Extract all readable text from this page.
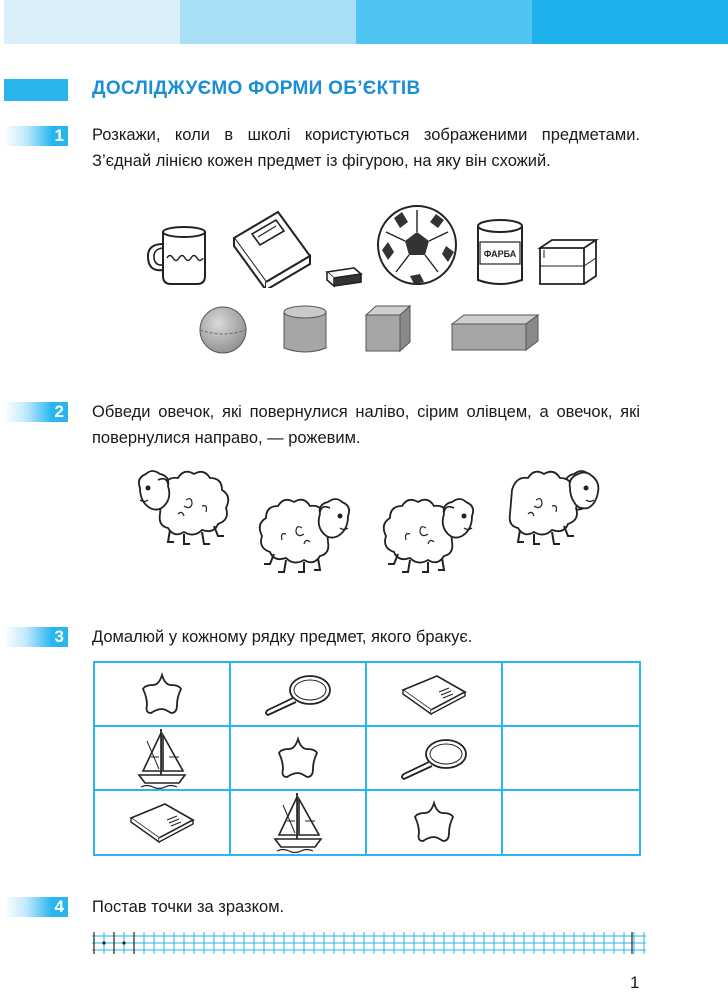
ДОСЛІДЖУЄМО ФОРМИ ОБ’ЄКТІВ
1 Розкажи, коли в школі користуються зображеними предметами. З’єднай лінією кожен предмет із фігурою, на яку він схожий.
ФАРБА
2 Обведи овечок, які повернулися наліво, сірим олівцем, а овечок, які повернулися направо, — рожевим.
3 Домалюй у кожному рядку предмет, якого бракує.
4 Постав точки за зразком.
1
